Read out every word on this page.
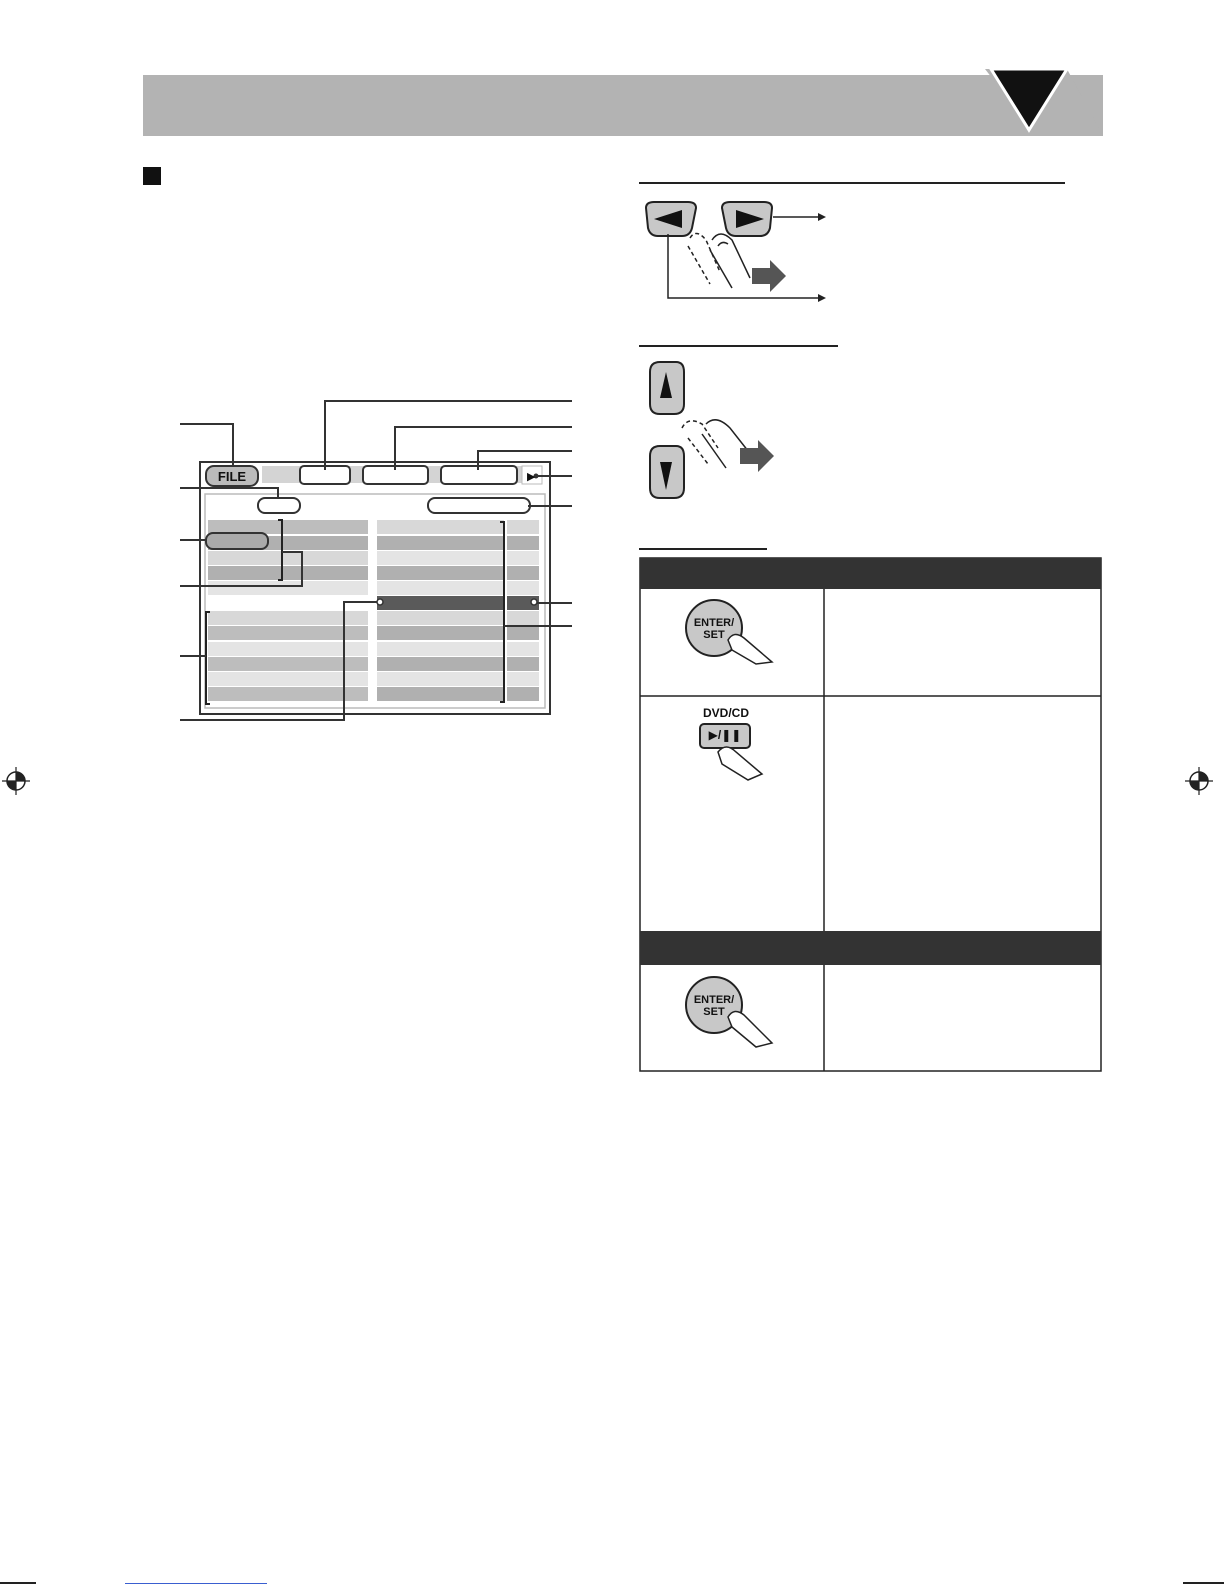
FILE	▶
ENTER/
SET
DVD/CD
▶/❚❚
ENTER/
SET
